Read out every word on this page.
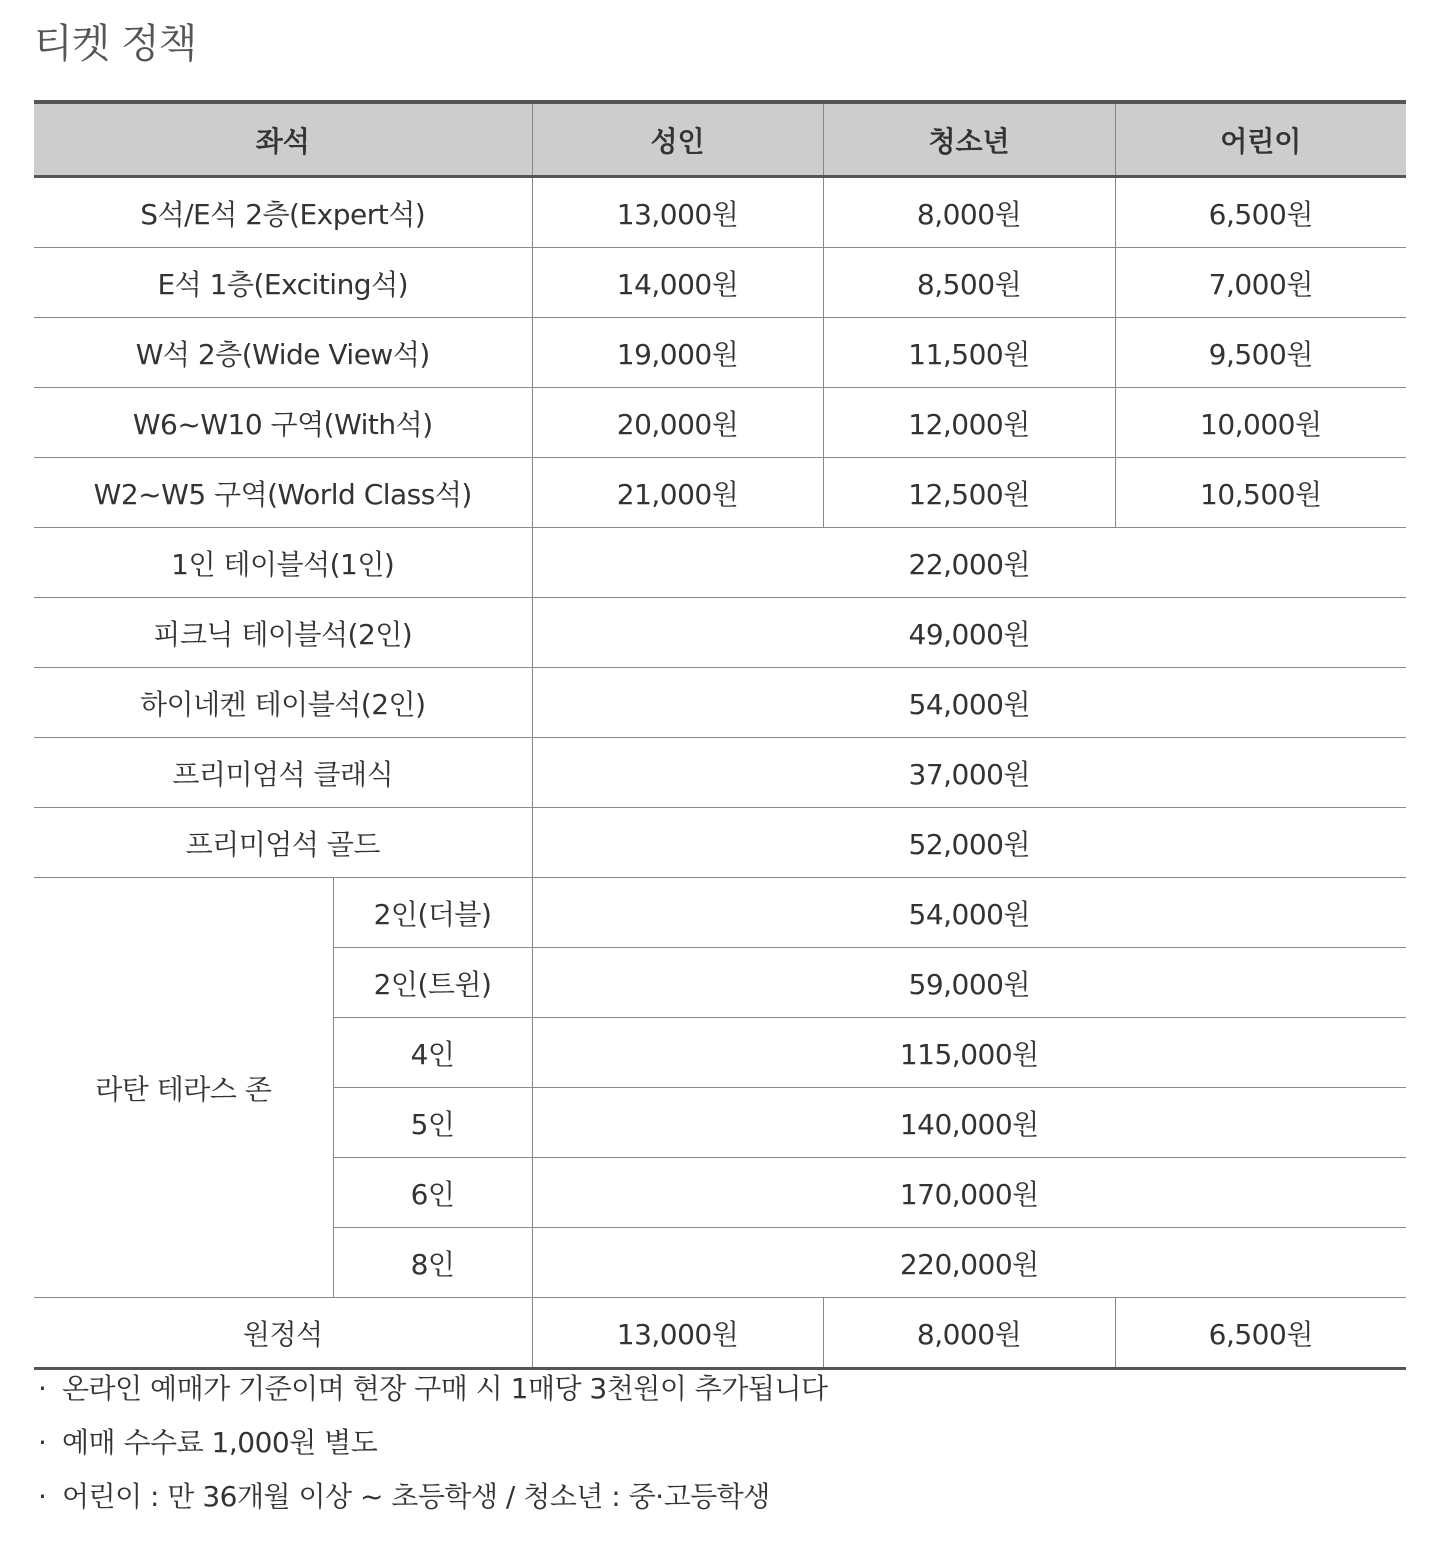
티켓 정책
좌석		성인	청소년	어린이
S석/E석 2층(Expert석)		13,000원	8,000원	6,500원
E석 1층(Exciting석)		14,000원	8,500원	7,000원
W석 2층(Wide View석)		19,000원	11,500원	9,500원
W6~W10 구역(With석)		20,000원	12,000원	10,000원
W2~W5 구역(World Class석)		21,000원	12,500원	10,500원
1인 테이블석(1인)		22,000원		
피크닉 테이블석(2인)		49,000원		
하이네켄 테이블석(2인)		54,000원		
프리미엄석 클래식		37,000원		
프리미엄석 골드		52,000원		
라탄 테라스 존	2인(더블)	54,000원		
	2인(트윈)	59,000원		
	4인	115,000원		
	5인	140,000원		
	6인	170,000원		
	8인	220,000원		
원정석		13,000원	8,000원	6,500원
· 온라인 예매가 기준이며 현장 구매 시 1매당 3천원이 추가됩니다
· 예매 수수료 1,000원 별도
· 어린이 : 만 36개월 이상 ~ 초등학생 / 청소년 : 중·고등학생
